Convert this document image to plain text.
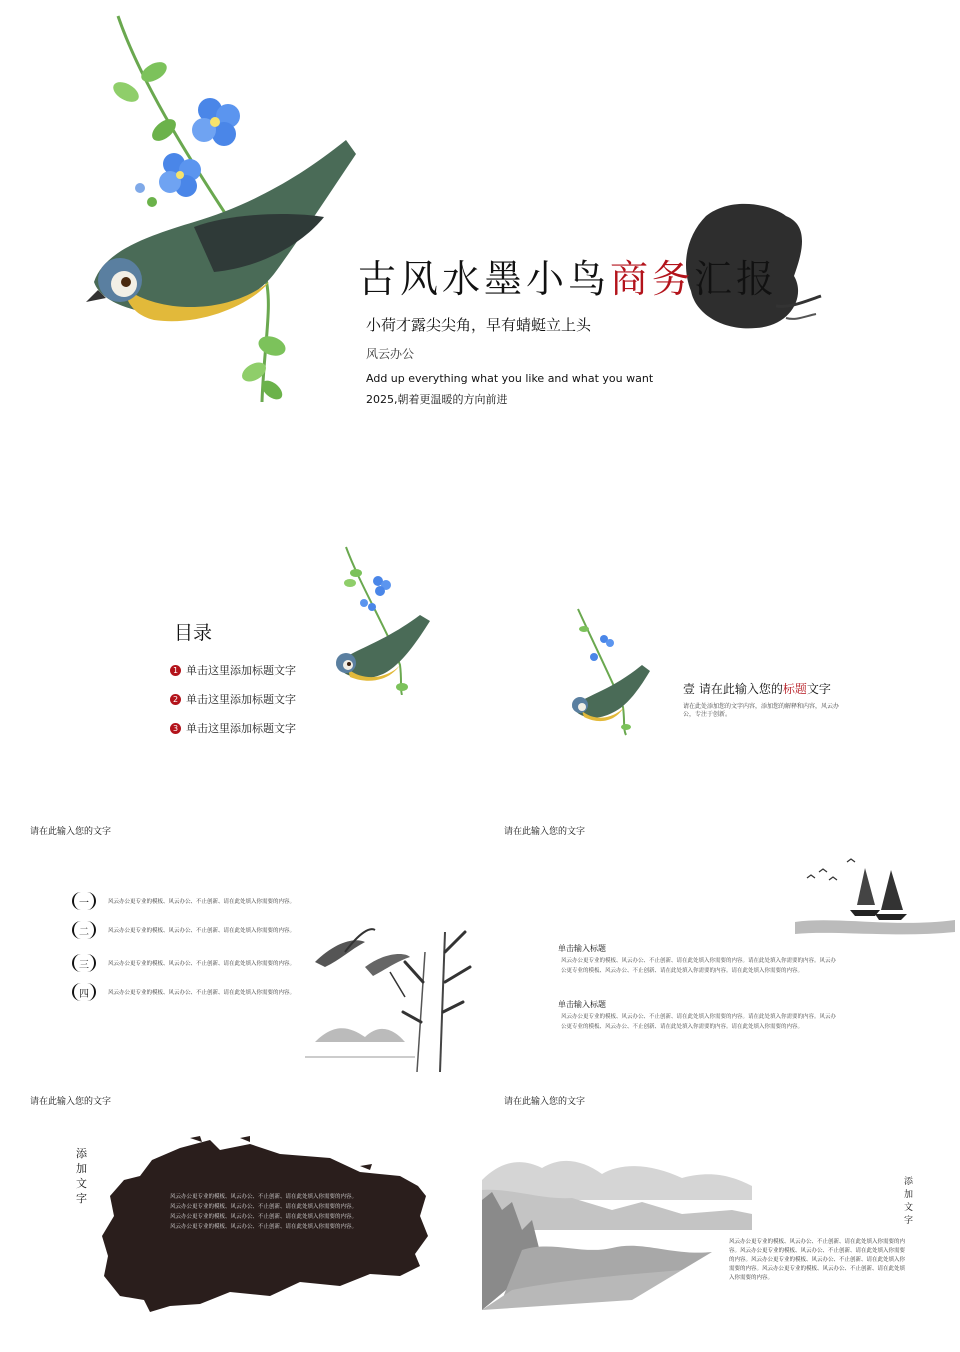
古风水墨小鸟商务汇报
小荷才露尖尖角，早有蜻蜓立上头
风云办公
Add up everything what you like and what you want
2025,朝着更温暖的方向前进
目录
1 单击这里添加标题文字
2 单击这里添加标题文字
3 单击这里添加标题文字
壹 请在此输入您的标题文字
请在此处添加您的文字内容，添加您的解释和内容，风云办公，专注于创新。
请在此输入您的文字
一	风云办公更专业的模板、风云办公、不止创新、请在此处填入你需要的内容。
二	风云办公更专业的模板、风云办公、不止创新、请在此处填入你需要的内容。
三	风云办公更专业的模板、风云办公、不止创新、请在此处填入你需要的内容。
四	风云办公更专业的模板、风云办公、不止创新、请在此处填入你需要的内容。
请在此输入您的文字
单击输入标题
风云办公更专业的模板、风云办公、不止创新、请在此处填入你需要的内容。请在此处填入你需要的内容。风云办公更专业的模板、风云办公、不止创新、请在此处填入你需要的内容。请在此处填入你需要的内容。
单击输入标题
风云办公更专业的模板、风云办公、不止创新、请在此处填入你需要的内容。请在此处填入你需要的内容。风云办公更专业的模板、风云办公、不止创新、请在此处填入你需要的内容。请在此处填入你需要的内容。
请在此输入您的文字
添加文字	风云办公更专业的模板、风云办公、不止创新、请在此处填入你需要的内容。风云办公更专业的模板、风云办公、不止创新、请在此处填入你需要的内容。风云办公更专业的模板、风云办公、不止创新、请在此处填入你需要的内容。风云办公更专业的模板、风云办公、不止创新、请在此处填入你需要的内容。
请在此输入您的文字
添加文字
风云办公更专业的模板、风云办公、不止创新、请在此处填入你需要的内容。风云办公更专业的模板、风云办公、不止创新、请在此处填入你需要的内容。风云办公更专业的模板、风云办公、不止创新、请在此处填入你需要的内容。风云办公更专业的模板、风云办公、不止创新、请在此处填入你需要的内容。
